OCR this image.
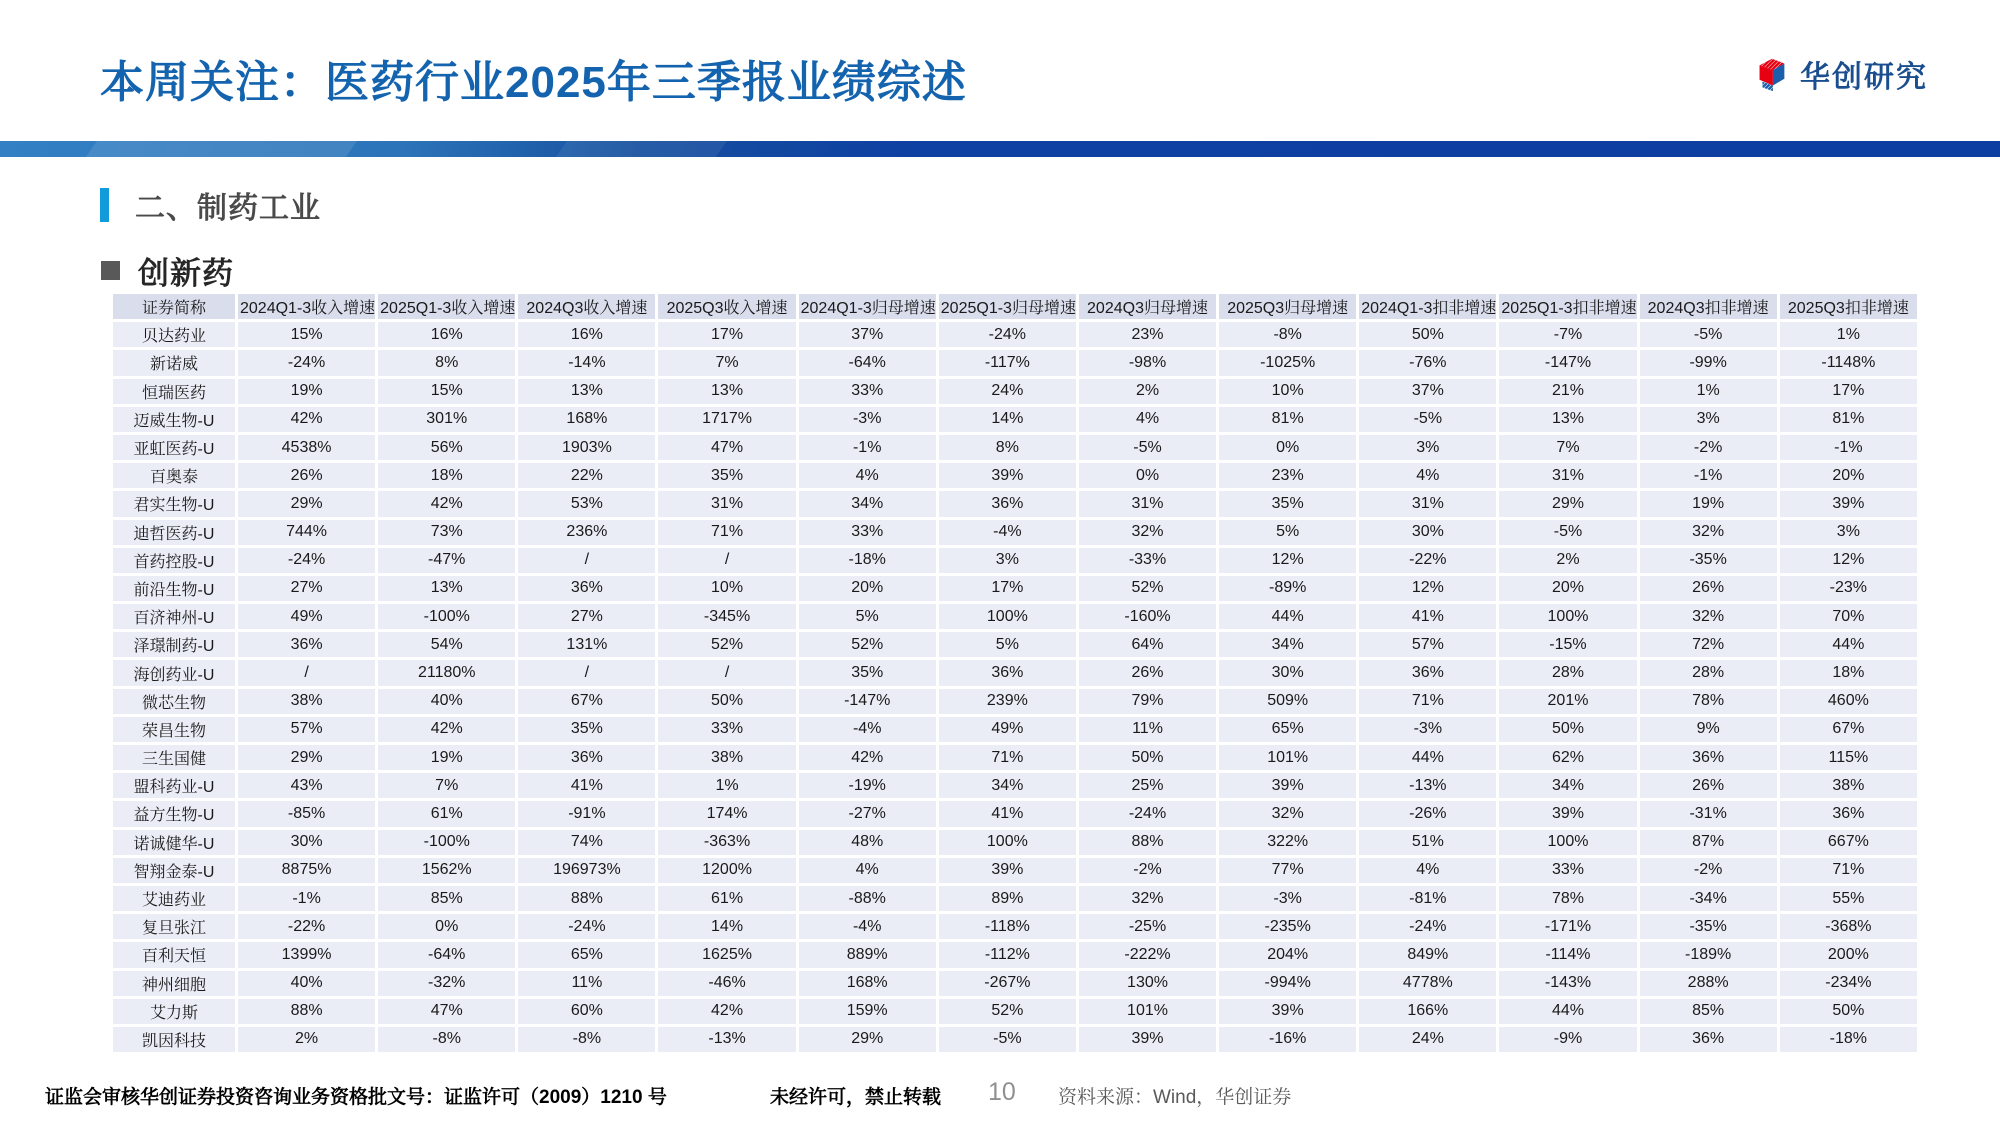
本周关注：医药行业2025年三季报业绩综述	华创研究
二、制药工业
创新药
证券简称	2024Q1-3收入增速	2025Q1-3收入增速	2024Q3收入增速	2025Q3收入增速	2024Q1-3归母增速	2025Q1-3归母增速	2024Q3归母增速	2025Q3归母增速	2024Q1-3扣非增速	2025Q1-3扣非增速	2024Q3扣非增速	2025Q3扣非增速
贝达药业	15%	16%	16%	17%	37%	-24%	23%	-8%	50%	-7%	-5%	1%
新诺威	-24%	8%	-14%	7%	-64%	-117%	-98%	-1025%	-76%	-147%	-99%	-1148%
恒瑞医药	19%	15%	13%	13%	33%	24%	2%	10%	37%	21%	1%	17%
迈威生物-U	42%	301%	168%	1717%	-3%	14%	4%	81%	-5%	13%	3%	81%
亚虹医药-U	4538%	56%	1903%	47%	-1%	8%	-5%	0%	3%	7%	-2%	-1%
百奥泰	26%	18%	22%	35%	4%	39%	0%	23%	4%	31%	-1%	20%
君实生物-U	29%	42%	53%	31%	34%	36%	31%	35%	31%	29%	19%	39%
迪哲医药-U	744%	73%	236%	71%	33%	-4%	32%	5%	30%	-5%	32%	3%
首药控股-U	-24%	-47%	/	/	-18%	3%	-33%	12%	-22%	2%	-35%	12%
前沿生物-U	27%	13%	36%	10%	20%	17%	52%	-89%	12%	20%	26%	-23%
百济神州-U	49%	-100%	27%	-345%	5%	100%	-160%	44%	41%	100%	32%	70%
泽璟制药-U	36%	54%	131%	52%	52%	5%	64%	34%	57%	-15%	72%	44%
海创药业-U	/	21180%	/	/	35%	36%	26%	30%	36%	28%	28%	18%
微芯生物	38%	40%	67%	50%	-147%	239%	79%	509%	71%	201%	78%	460%
荣昌生物	57%	42%	35%	33%	-4%	49%	11%	65%	-3%	50%	9%	67%
三生国健	29%	19%	36%	38%	42%	71%	50%	101%	44%	62%	36%	115%
盟科药业-U	43%	7%	41%	1%	-19%	34%	25%	39%	-13%	34%	26%	38%
益方生物-U	-85%	61%	-91%	174%	-27%	41%	-24%	32%	-26%	39%	-31%	36%
诺诚健华-U	30%	-100%	74%	-363%	48%	100%	88%	322%	51%	100%	87%	667%
智翔金泰-U	8875%	1562%	196973%	1200%	4%	39%	-2%	77%	4%	33%	-2%	71%
艾迪药业	-1%	85%	88%	61%	-88%	89%	32%	-3%	-81%	78%	-34%	55%
复旦张江	-22%	0%	-24%	14%	-4%	-118%	-25%	-235%	-24%	-171%	-35%	-368%
百利天恒	1399%	-64%	65%	1625%	889%	-112%	-222%	204%	849%	-114%	-189%	200%
神州细胞	40%	-32%	11%	-46%	168%	-267%	130%	-994%	4778%	-143%	288%	-234%
艾力斯	88%	47%	60%	42%	159%	52%	101%	39%	166%	44%	85%	50%
凯因科技	2%	-8%	-8%	-13%	29%	-5%	39%	-16%	24%	-9%	36%	-18%
证监会审核华创证券投资咨询业务资格批文号：证监许可（2009）1210 号	未经许可，禁止转载 10 资料来源：Wind，华创证券
